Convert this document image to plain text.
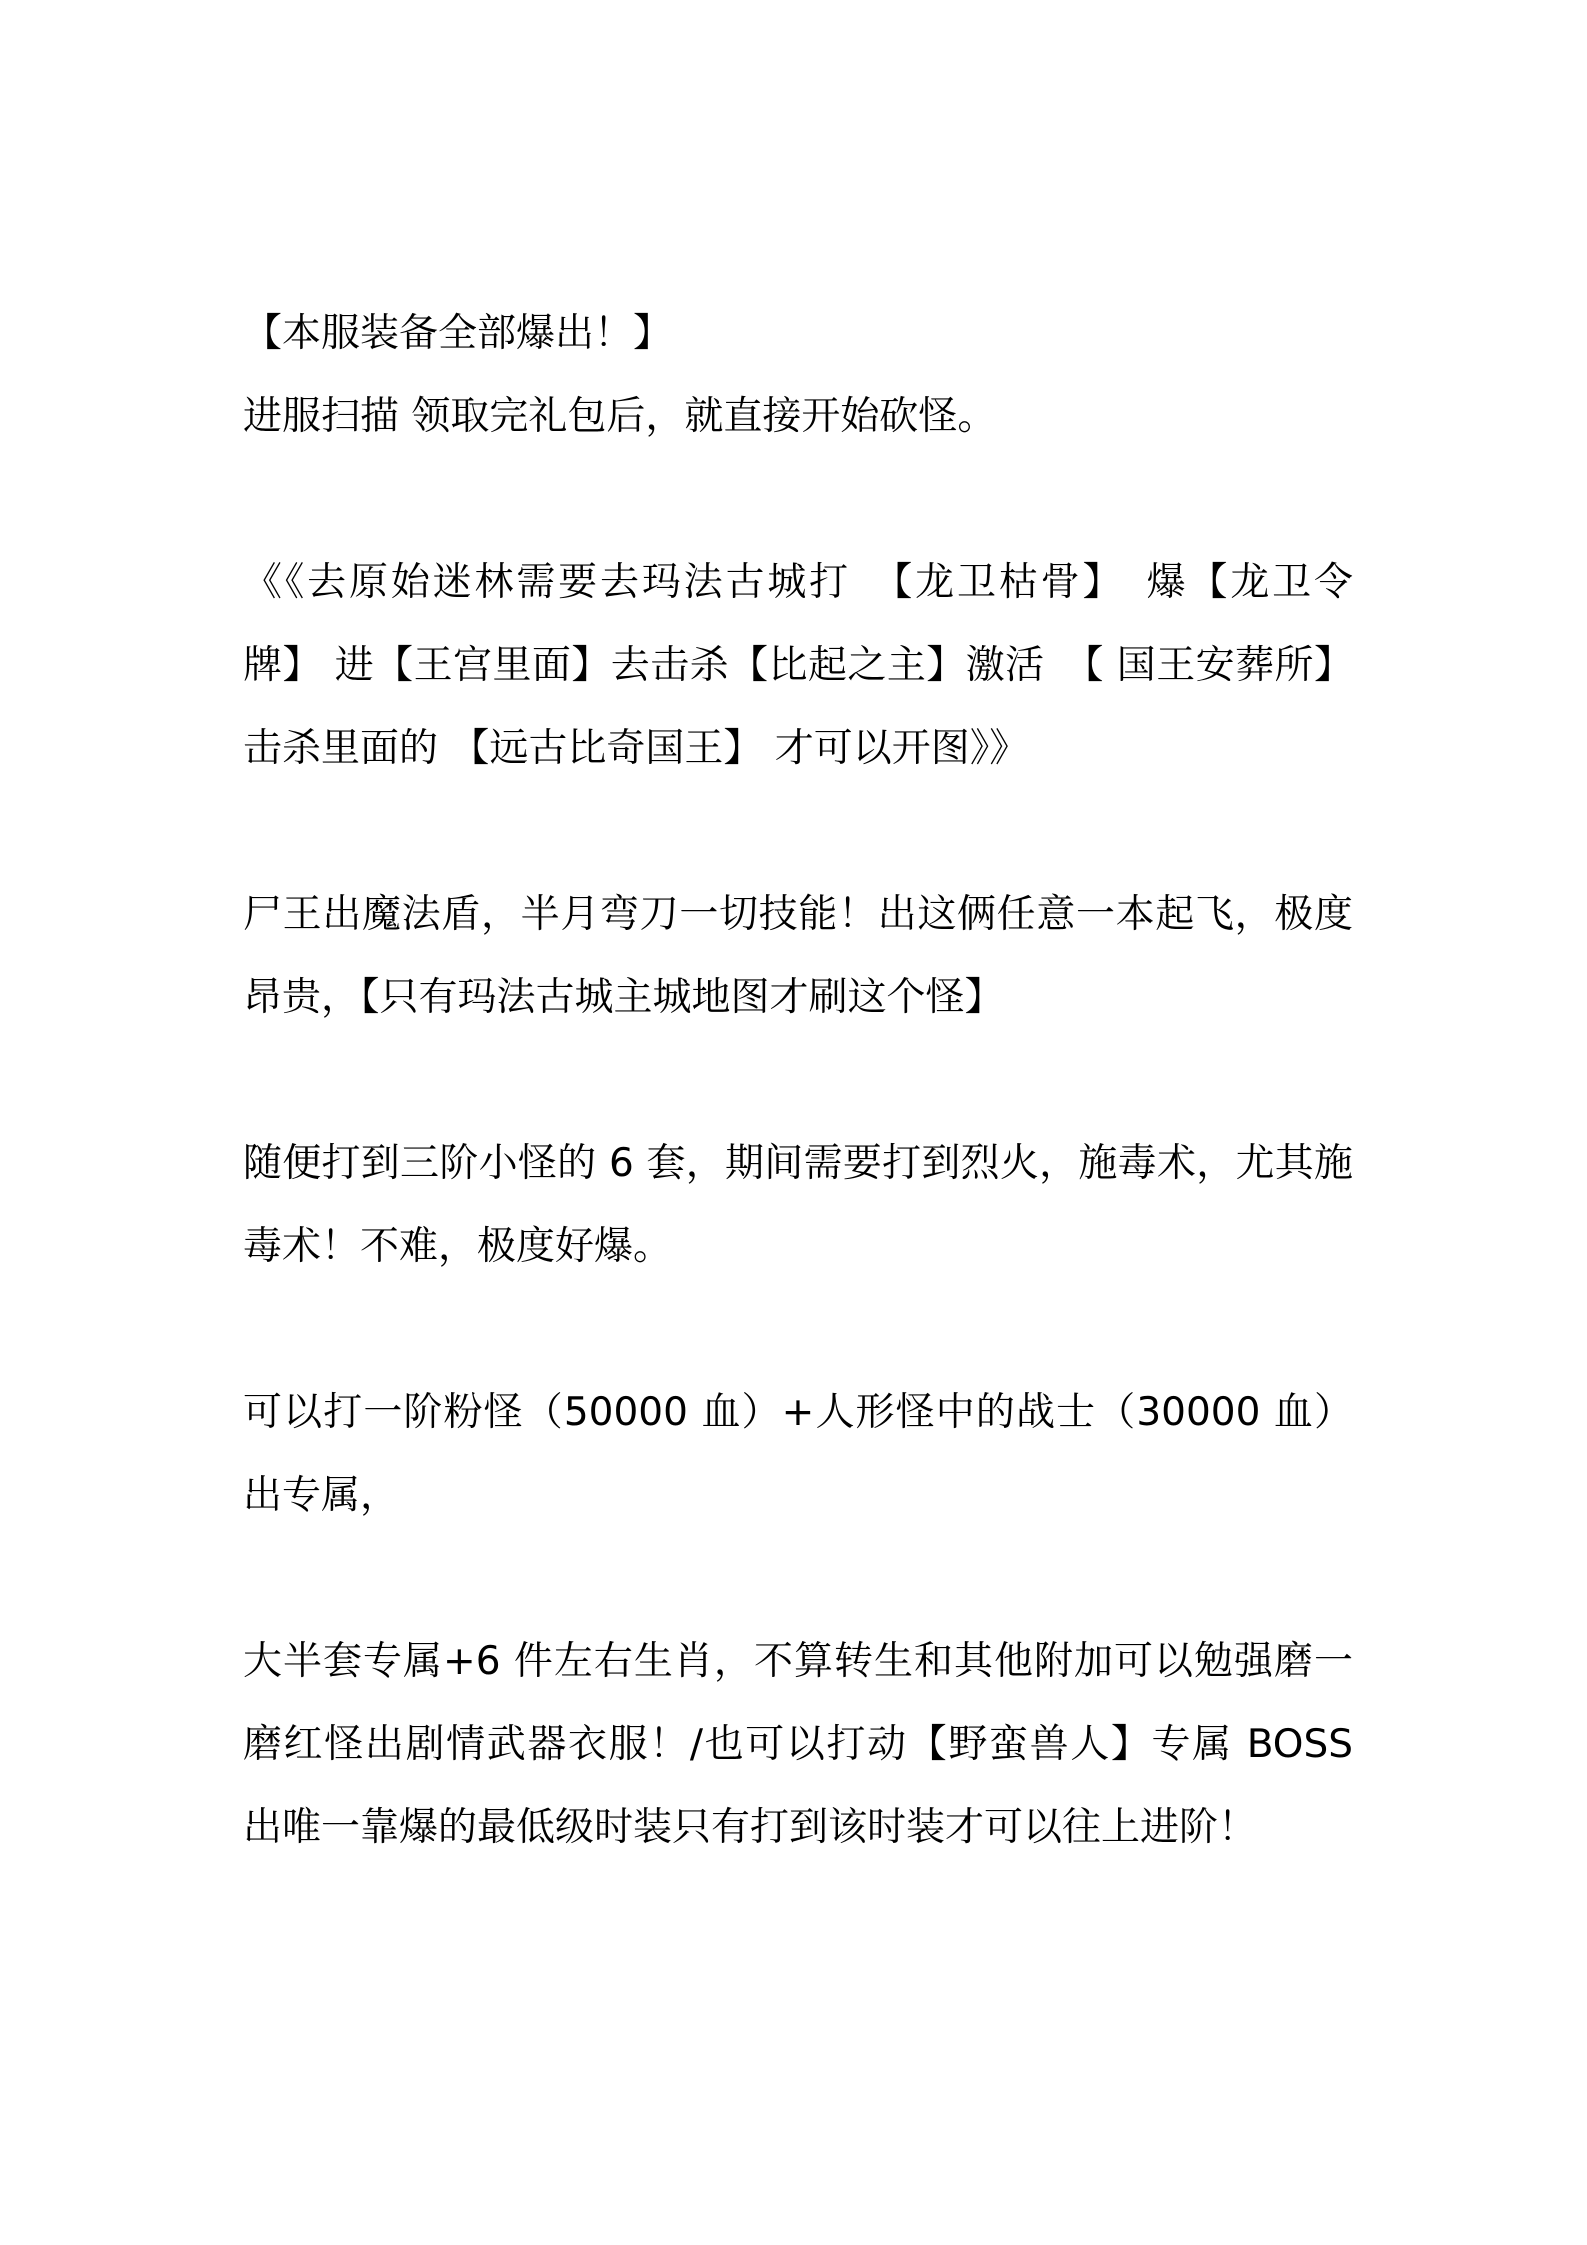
【本服装备全部爆出！】

进服扫描 领取完礼包后，就直接开始砍怪。

《《去原始迷林需要去玛法古城打　【龙卫枯骨】　爆【龙卫令牌】 进【王宫里面】去击杀【比起之主】激活　【 国王安葬所】 击杀里面的 【远古比奇国王】 才可以开图》》

尸王出魔法盾，半月弯刀一切技能！出这俩任意一本起飞，极度昂贵，【只有玛法古城主城地图才刷这个怪】

随便打到三阶小怪的 6 套，期间需要打到烈火，施毒术，尤其施毒术！不难，极度好爆。

可以打一阶粉怪（50000 血）+人形怪中的战士（30000 血）出专属，

大半套专属+6 件左右生肖，不算转生和其他附加可以勉强磨一磨红怪出剧情武器衣服！/也可以打动【野蛮兽人】专属 BOSS 出唯一靠爆的最低级时装只有打到该时装才可以往上进阶！
